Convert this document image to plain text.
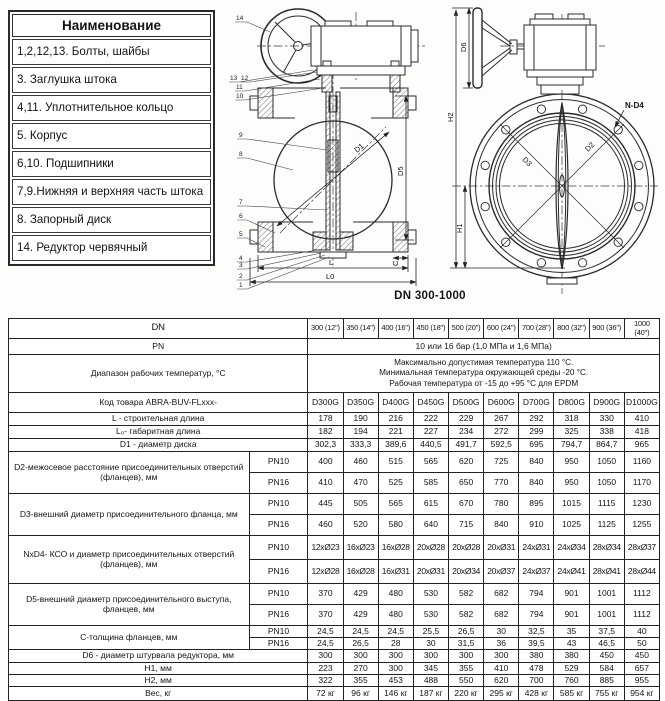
Наименование
1,2,12,13. Болты, шайбы
3. Заглушка штока
4,11. Уплотнительное кольцо
5. Корпус
6,10. Подшипники
7,9.Нижняя и верхняя часть штока
8. Запорный диск
14. Редуктор червячный
D1
D5
C
L
L0
14
13 12
11
10
9
8
7
6
5
4
3
2
1
D6
H2
H1
D3
D2
N-D4
DN 300-1000
DN		300 (12")	350 (14")	400 (16")	450 (18")	500 (20")	600 (24")	700 (28")	800 (32")	900 (36")	1000 (40")
PN		10 или 16 бар (1,0 МПа и 1,6 МПа)									
Диапазон рабочих температур, °С		Максимально допустимая температура 110 °С.
Минимальная температура окружающей среды -20 °С.
Рабочая температура от -15 до +95 °С для EPDM									

Код товара ABRA-BUV-FLxxx-		D300G	D350G	D400G	D450G	D500G	D600G	D700G	D800G	D900G	D1000G
L - строительная длина		178	190	216	222	229	267	292	318	330	410
L₀- габаритная длина		182	194	221	227	234	272	299	325	338	418
D1 - диаметр диска		302,3	333,3	389,6	440,5	491,7	592,5	695	794,7	864,7	965
D2-межосевое расстояние присоединительных отверстий (фланцев), мм	PN10	400	460	515	565	620	725	840	950	1050	1160
	PN16	410	470	525	585	650	770	840	950	1050	1170
D3-внешний диаметр присоединительного фланца, мм	PN10	445	505	565	615	670	780	895	1015	1115	1230
	PN16	460	520	580	640	715	840	910	1025	1125	1255
NxD4- КСО и диаметр присоединительных отверстий (фланцев), мм	PN10	12xØ23	16xØ23	16xØ28	20xØ28	20xØ28	20xØ31	24xØ31	24xØ34	28xØ34	28xØ37
	PN16	12xØ28	16xØ28	16xØ31	20xØ31	20xØ34	20xØ37	24xØ37	24xØ41	28xØ41	28xØ44
D5-внешний диаметр присоединительного выступа, фланцев, мм	PN10	370	429	480	530	582	682	794	901	1001	1112
	PN16	370	429	480	530	582	682	794	901	1001	1112
С-толщина фланцев, мм	PN10	24,5	24,5	24,5	25,5	26,5	30	32,5	35	37,5	40
	PN16	24,5	26,5	28	30	31,5	36	39,5	43	46,5	50
D6 - диаметр штурвала редуктора, мм		300	300	300	300	300	300	380	380	450	450
H1, мм		223	270	300	345	355	410	478	529	584	657
H2, мм		322	355	453	488	550	620	700	760	885	955
Вес, кг		72 кг	96 кг	146 кг	187 кг	220 кг	295 кг	428 кг	585 кг	755 кг	954 кг
